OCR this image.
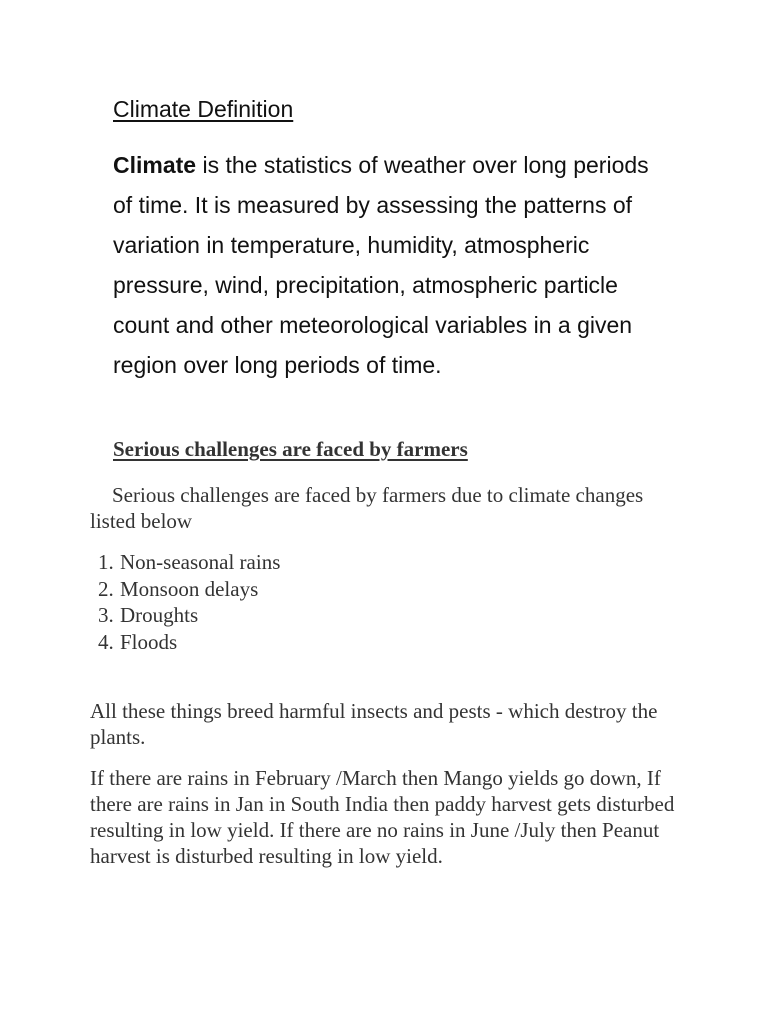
Climate Definition

Climate is the statistics of weather over long periods of time. It is measured by assessing the patterns of variation in temperature, humidity, atmospheric pressure, wind, precipitation, atmospheric particle count and other meteorological variables in a given region over long periods of time.

Serious challenges are faced by farmers

Serious challenges are faced by farmers due to climate changes listed below

1. Non-seasonal rains
2. Monsoon delays
3. Droughts
4. Floods

All these things breed harmful insects and pests - which destroy the plants.

If there are rains in February /March then Mango yields go down, If there are rains in Jan in South India then paddy harvest gets disturbed resulting in low yield. If there are no rains in June /July then Peanut harvest is disturbed resulting in low yield.
